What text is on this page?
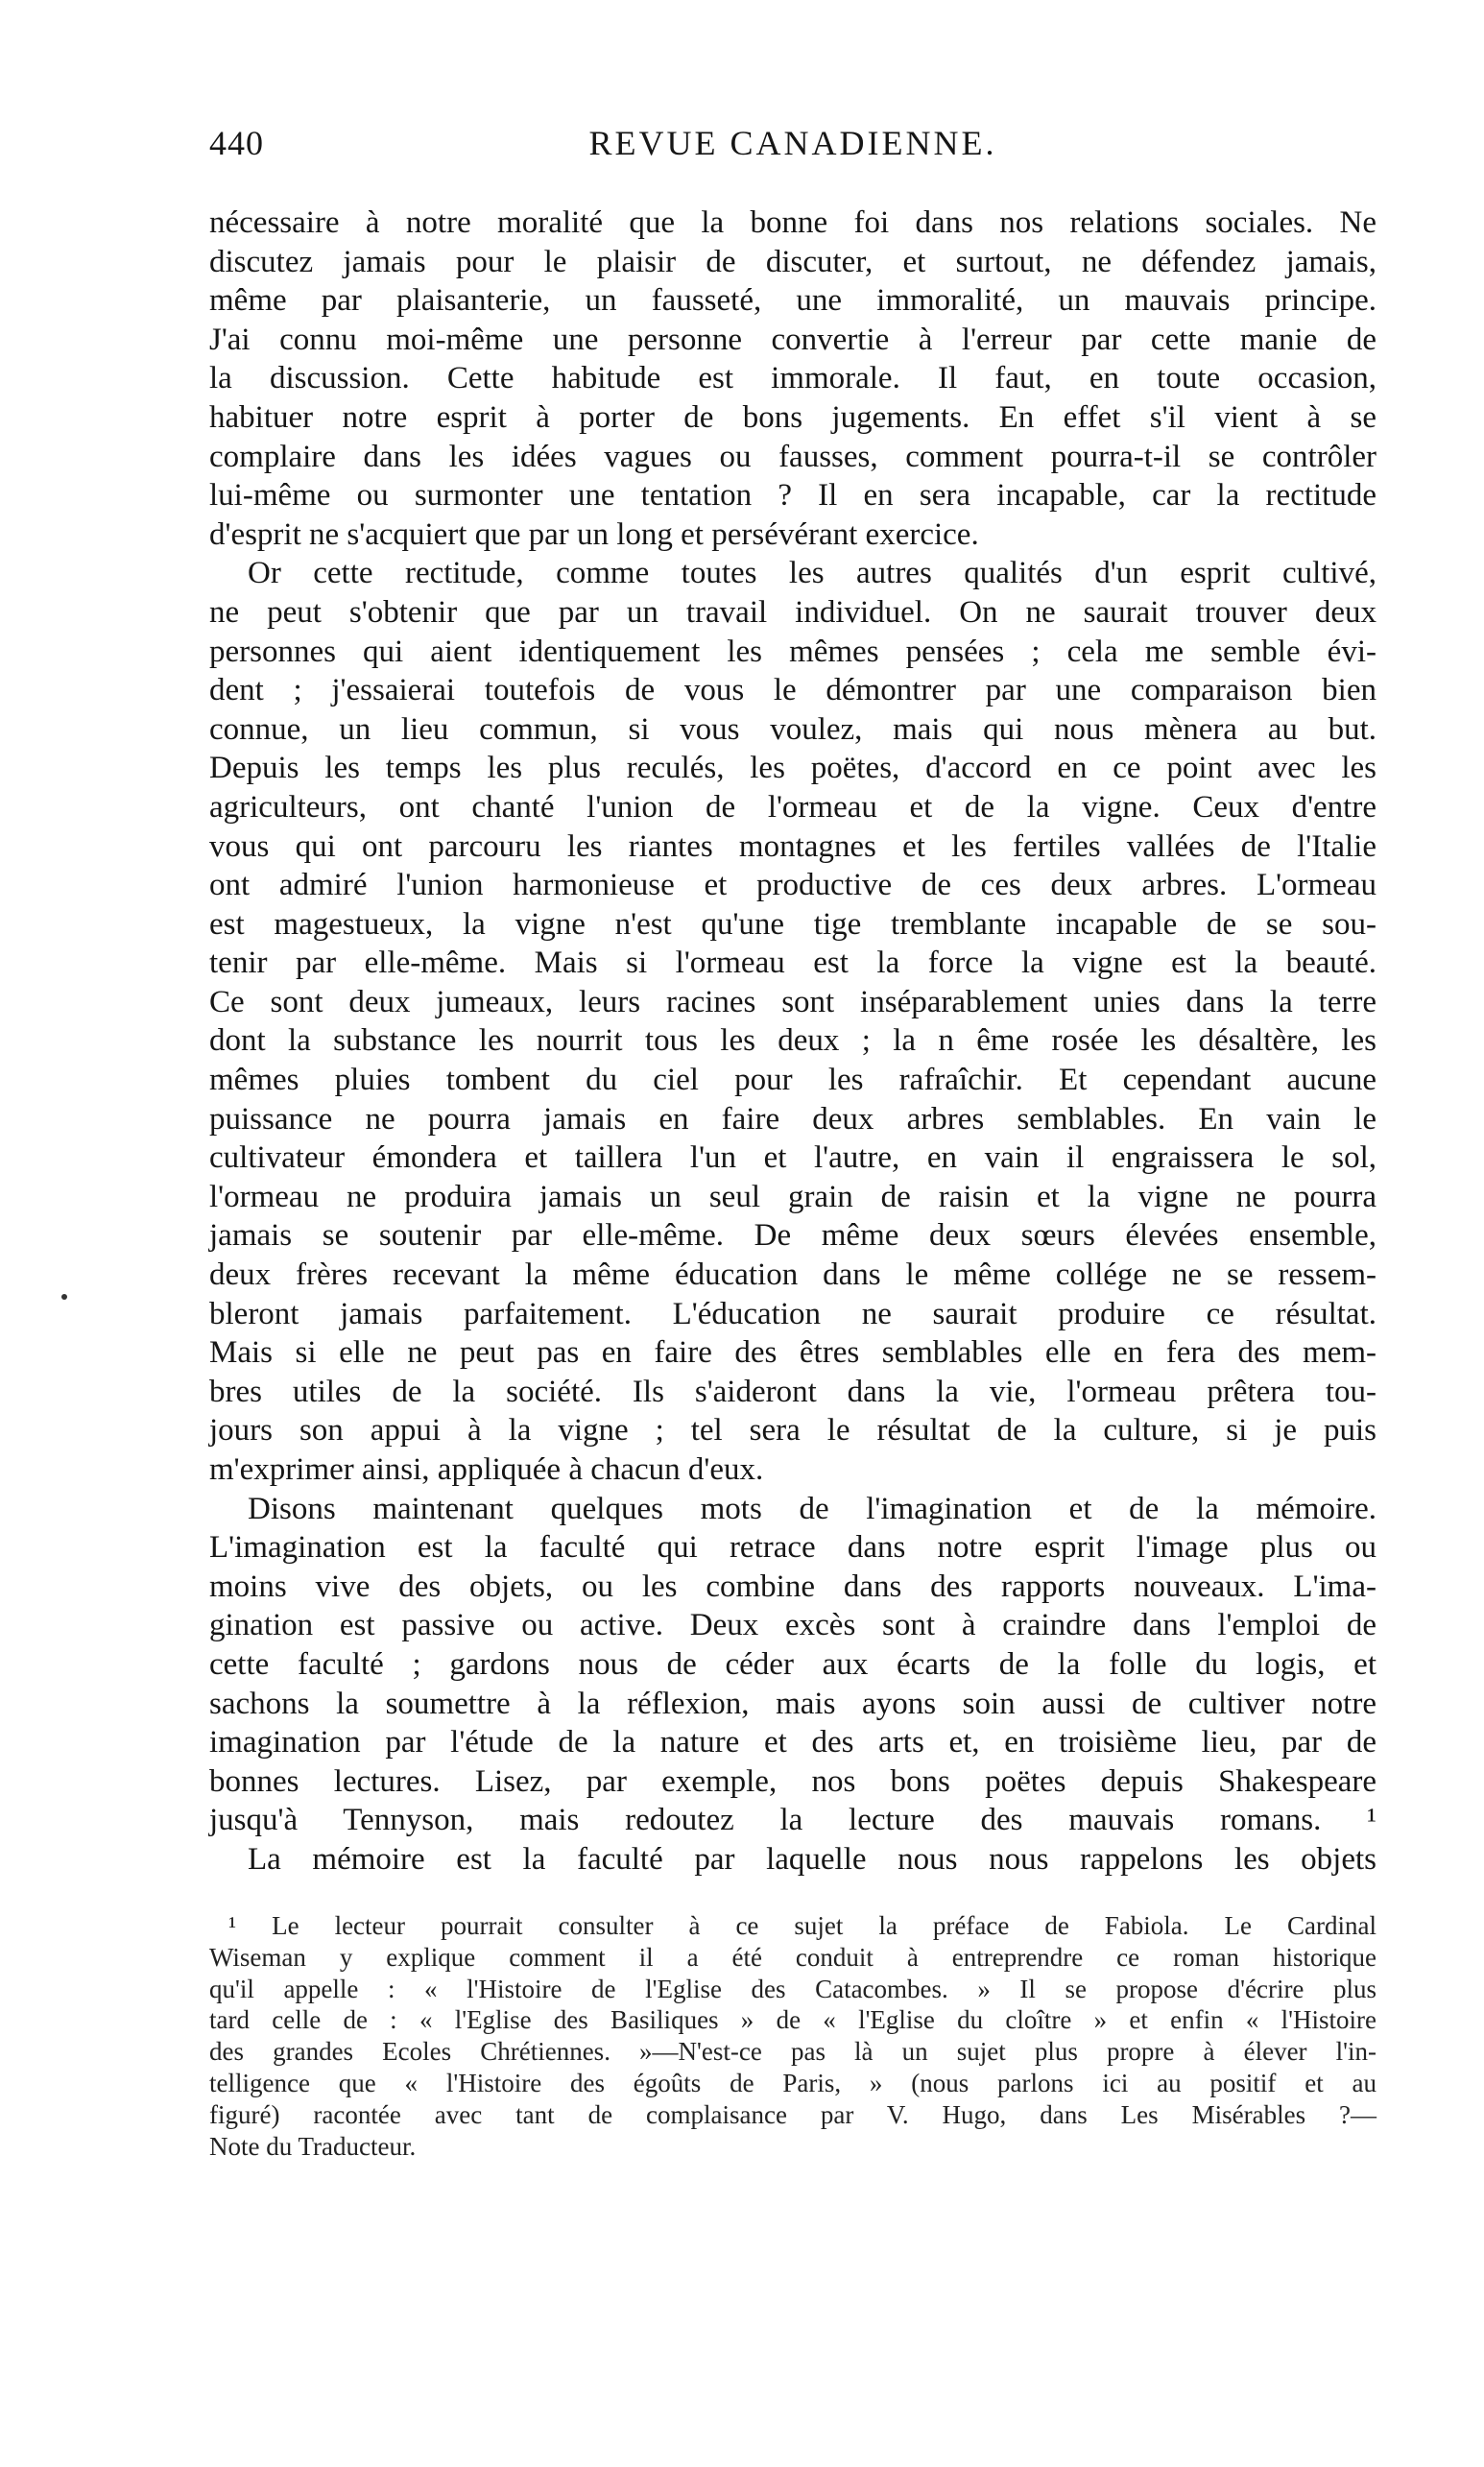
440	REVUE CANADIENNE.
nécessaire à notre moralité que la bonne foi dans nos relations sociales. Ne
discutez jamais pour le plaisir de discuter, et surtout, ne défendez jamais,
même par plaisanterie, un fausseté, une immoralité, un mauvais principe.
J'ai connu moi-même une personne convertie à l'erreur par cette manie de
la discussion. Cette habitude est immorale. Il faut, en toute occasion,
habituer notre esprit à porter de bons jugements. En effet s'il vient à se
complaire dans les idées vagues ou fausses, comment pourra-t-il se contrôler
lui-même ou surmonter une tentation ? Il en sera incapable, car la rectitude
d'esprit ne s'acquiert que par un long et persévérant exercice.
Or cette rectitude, comme toutes les autres qualités d'un esprit cultivé,
ne peut s'obtenir que par un travail individuel. On ne saurait trouver deux
personnes qui aient identiquement les mêmes pensées ; cela me semble évi-
dent ; j'essaierai toutefois de vous le démontrer par une comparaison bien
connue, un lieu commun, si vous voulez, mais qui nous mènera au but.
Depuis les temps les plus reculés, les poëtes, d'accord en ce point avec les
agriculteurs, ont chanté l'union de l'ormeau et de la vigne. Ceux d'entre
vous qui ont parcouru les riantes montagnes et les fertiles vallées de l'Italie
ont admiré l'union harmonieuse et productive de ces deux arbres. L'ormeau
est magestueux, la vigne n'est qu'une tige tremblante incapable de se sou-
tenir par elle-même. Mais si l'ormeau est la force la vigne est la beauté.
Ce sont deux jumeaux, leurs racines sont inséparablement unies dans la terre
dont la substance les nourrit tous les deux ; la n ême rosée les désaltère, les
mêmes pluies tombent du ciel pour les rafraîchir. Et cependant aucune
puissance ne pourra jamais en faire deux arbres semblables. En vain le
cultivateur émondera et taillera l'un et l'autre, en vain il engraissera le sol,
l'ormeau ne produira jamais un seul grain de raisin et la vigne ne pourra
jamais se soutenir par elle-même. De même deux sœurs élevées ensemble,
deux frères recevant la même éducation dans le même collége ne se ressem-
bleront jamais parfaitement. L'éducation ne saurait produire ce résultat.
Mais si elle ne peut pas en faire des êtres semblables elle en fera des mem-
bres utiles de la société. Ils s'aideront dans la vie, l'ormeau prêtera tou-
jours son appui à la vigne ; tel sera le résultat de la culture, si je puis
m'exprimer ainsi, appliquée à chacun d'eux.
Disons maintenant quelques mots de l'imagination et de la mémoire.
L'imagination est la faculté qui retrace dans notre esprit l'image plus ou
moins vive des objets, ou les combine dans des rapports nouveaux. L'ima-
gination est passive ou active. Deux excès sont à craindre dans l'emploi de
cette faculté ; gardons nous de céder aux écarts de la folle du logis, et
sachons la soumettre à la réflexion, mais ayons soin aussi de cultiver notre
imagination par l'étude de la nature et des arts et, en troisième lieu, par de
bonnes lectures. Lisez, par exemple, nos bons poëtes depuis Shakespeare
jusqu'à Tennyson, mais redoutez la lecture des mauvais romans. ¹
La mémoire est la faculté par laquelle nous nous rappelons les objets
¹ Le lecteur pourrait consulter à ce sujet la préface de Fabiola. Le Cardinal
Wiseman y explique comment il a été conduit à entreprendre ce roman historique
qu'il appelle : « l'Histoire de l'Eglise des Catacombes. » Il se propose d'écrire plus
tard celle de : « l'Eglise des Basiliques » de « l'Eglise du cloître » et enfin « l'Histoire
des grandes Ecoles Chrétiennes. »—N'est-ce pas là un sujet plus propre à élever l'in-
telligence que « l'Histoire des égoûts de Paris, » (nous parlons ici au positif et au
figuré) racontée avec tant de complaisance par V. Hugo, dans Les Misérables ?—
Note du Traducteur.
